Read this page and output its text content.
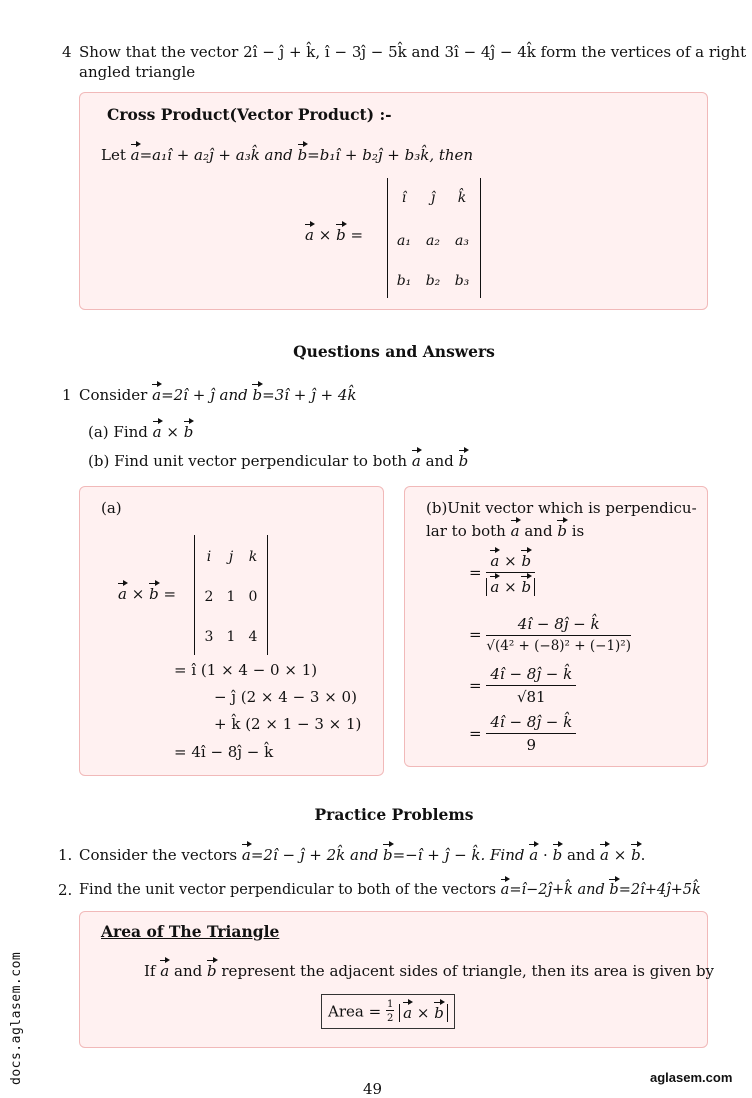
4 Show that the vector 2î − ĵ + k̂, î − 3ĵ − 5k̂ and 3î − 4ĵ − 4k̂ form the vertices of a right
angled triangle
Cross Product(Vector Product) :-
Let a=a₁î + a₂ĵ + a₃k̂ and b=b₁î + b₂ĵ + b₃k̂, then
a × b =
î	ĵ	k̂
a₁	a₂	a₃
b₁	b₂	b₃
Questions and Answers
1 Consider a=2î + ĵ and b=3î + ĵ + 4k̂
(a) Find a × b
(b) Find unit vector perpendicular to both a and b
(a)
a × b =
i	j	k
2 1 0
3 1 4
= î (1 × 4 − 0 × 1)
− ĵ (2 × 4 − 3 × 0)
+ k̂ (2 × 1 − 3 × 1)
= 4î − 8ĵ − k̂
(b)Unit vector which is perpendicu-
lar to both a and b is
= $\frac{a \times b}{a \times b}$
= $\frac{4î - 8ĵ - k̂}{\text{√(4² + (−8)² + (−1)²)}}$
= $\frac{4î - 8ĵ - k̂}{√81}$
= $\frac{4î - 8ĵ - k̂}{9}$
Practice Problems
1. Consider the vectors a=2î − ĵ + 2k̂ and b=−î + ĵ − k̂. Find a · b and a × b.
2. Find the unit vector perpendicular to both of the vectors a=î−2ĵ+k̂ and b=2î+4ĵ+5k̂
Area of The Triangle
If a and b represent the adjacent sides of triangle, then its area is given by
Area = $\frac{1}{2}$ a × b
docs.aglasem.com
49
aglasem.com
